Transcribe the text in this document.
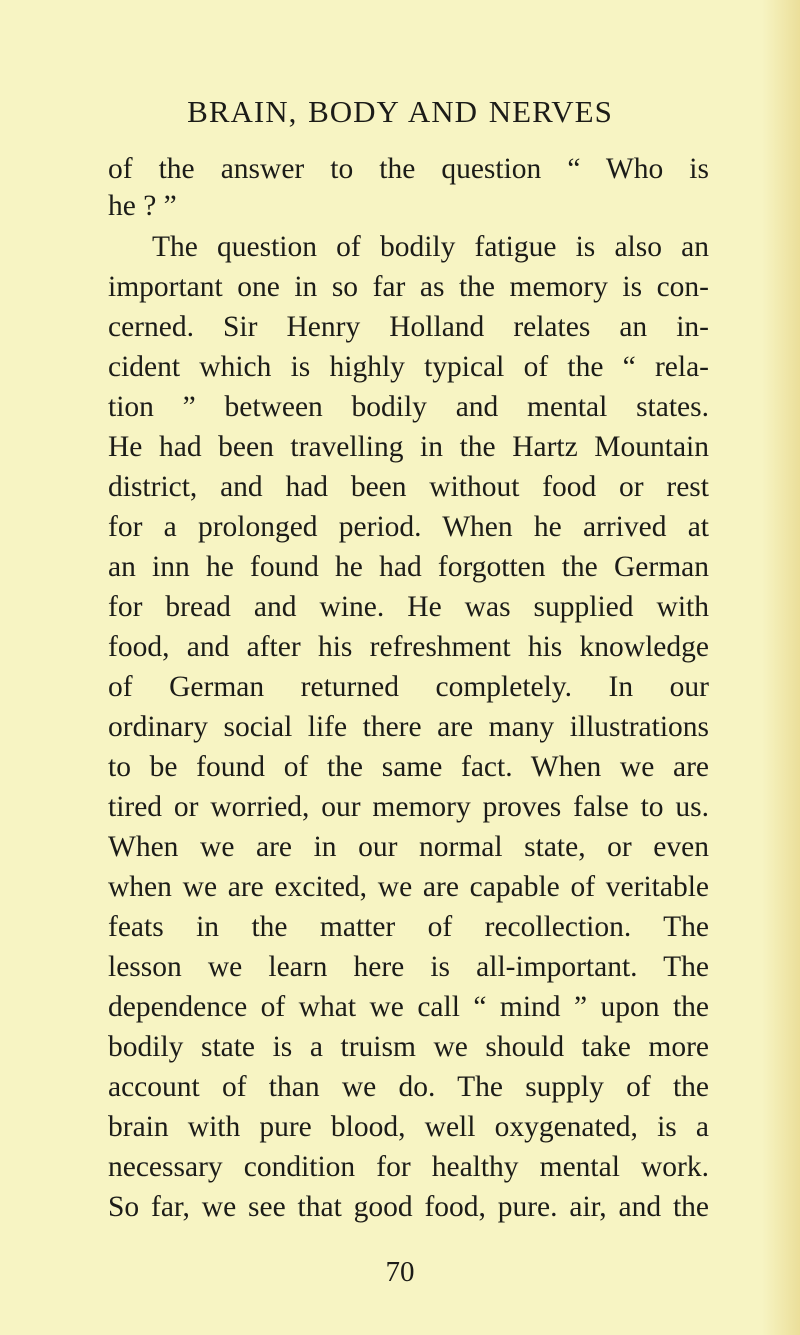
BRAIN, BODY AND NERVES
of the answer to the question “ Who is
he ? ”
The question of bodily fatigue is also an
important one in so far as the memory is con-
cerned. Sir Henry Holland relates an in-
cident which is highly typical of the “ rela-
tion ” between bodily and mental states.
He had been travelling in the Hartz Mountain
district, and had been without food or rest
for a prolonged period. When he arrived at
an inn he found he had forgotten the German
for bread and wine. He was supplied with
food, and after his refreshment his knowledge
of German returned completely. In our
ordinary social life there are many illustrations
to be found of the same fact. When we are
tired or worried, our memory proves false to us.
When we are in our normal state, or even
when we are excited, we are capable of veritable
feats in the matter of recollection. The
lesson we learn here is all-important. The
dependence of what we call “ mind ” upon the
bodily state is a truism we should take more
account of than we do. The supply of the
brain with pure blood, well oxygenated, is a
necessary condition for healthy mental work.
So far, we see that good food, pure. air, and the
70
